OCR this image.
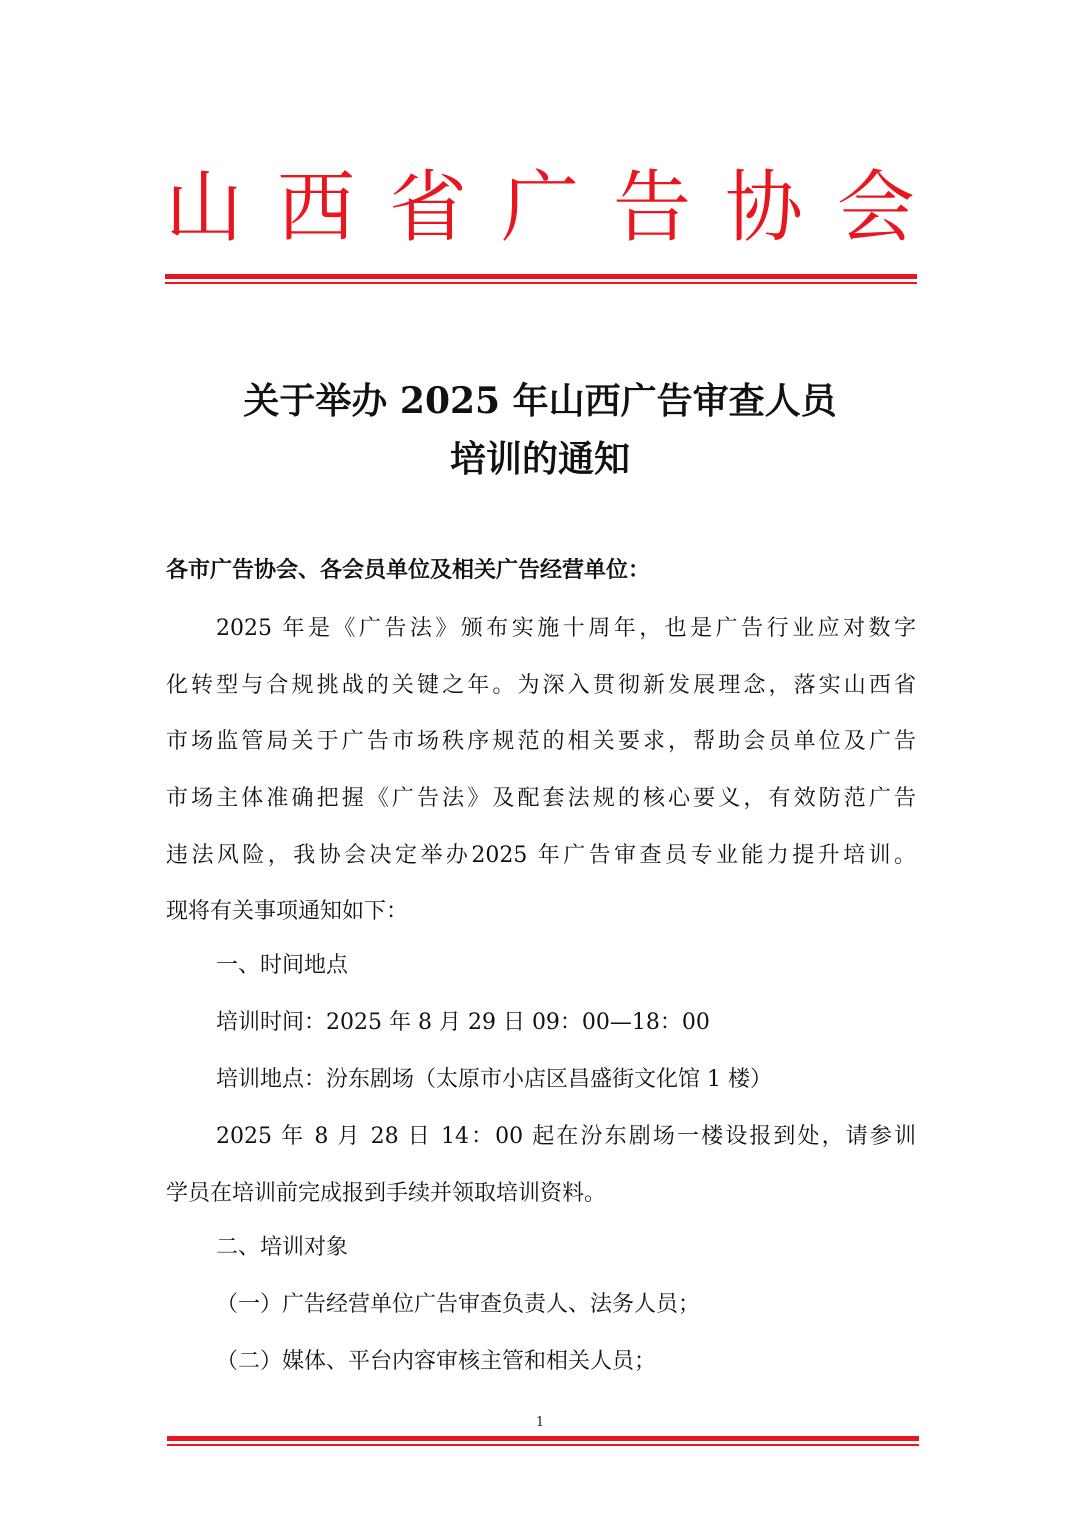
山 西 省 广 告 协 会
关于举办 2025 年山西广告审查人员
培训的通知
各市广告协会、各会员单位及相关广告经营单位：
2025 年是《广告法》颁布实施十周年，也是广告行业应对数字
化转型与合规挑战的关键之年。为深入贯彻新发展理念，落实山西省
市场监管局关于广告市场秩序规范的相关要求，帮助会员单位及广告
市场主体准确把握《广告法》及配套法规的核心要义，有效防范广告
违法风险，我协会决定举办2025 年广告审查员专业能力提升培训。
现将有关事项通知如下：
一、时间地点
培训时间：2025 年 8 月 29 日 09：00—18：00
培训地点：汾东剧场（太原市小店区昌盛街文化馆 1 楼）
2025 年 8 月 28 日 14：00 起在汾东剧场一楼设报到处，请参训
学员在培训前完成报到手续并领取培训资料。
二、培训对象
（一）广告经营单位广告审查负责人、法务人员；
（二）媒体、平台内容审核主管和相关人员；
1
